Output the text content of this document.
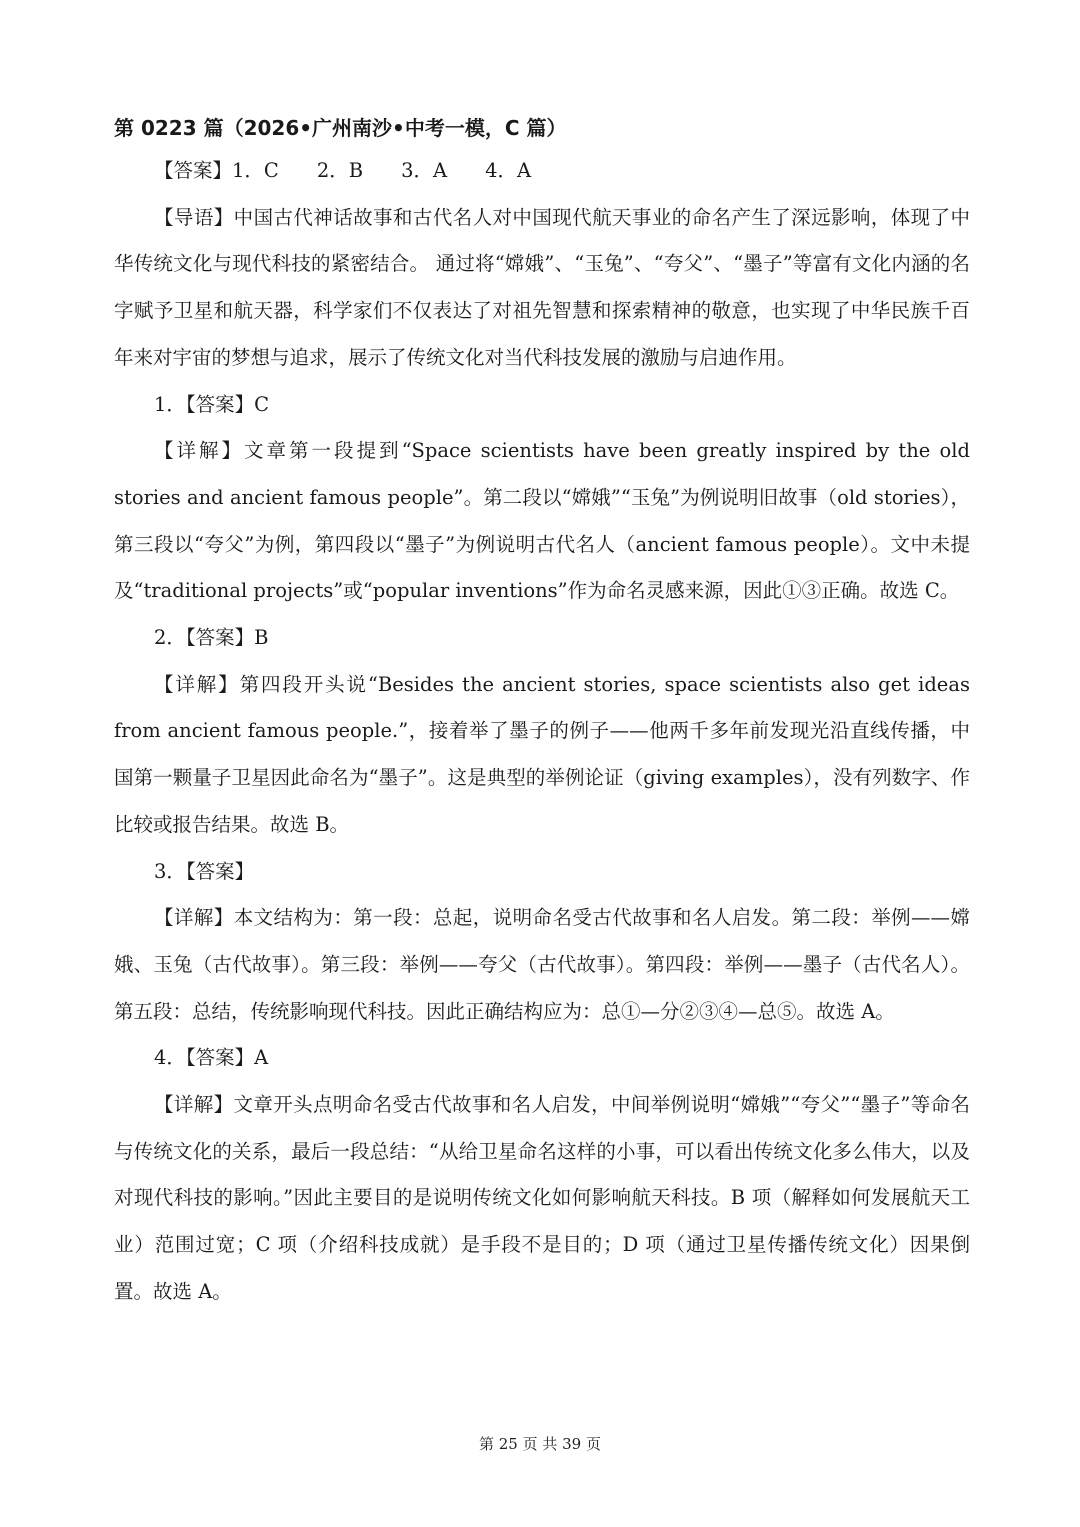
第 0223 篇（2026•广州南沙•中考一模，C 篇）

【答案】1．C 2．B 3．A 4．A

【导语】中国古代神话故事和古代名人对中国现代航天事业的命名产生了深远影响，体现了中华传统文化与现代科技的紧密结合。 通过将“嫦娥”、“玉兔”、“夸父”、“墨子”等富有文化内涵的名字赋予卫星和航天器，科学家们不仅表达了对祖先智慧和探索精神的敬意，也实现了中华民族千百年来对宇宙的梦想与追求，展示了传统文化对当代科技发展的激励与启迪作用。

1．【答案】C

【详解】文章第一段提到“Space scientists have been greatly inspired by the old stories and ancient famous people”。第二段以“嫦娥”“玉兔”为例说明旧故事（old stories），第三段以“夸父”为例，第四段以“墨子”为例说明古代名人（ancient famous people）。文中未提及“traditional projects”或“popular inventions”作为命名灵感来源，因此①③正确。故选 C。

2．【答案】B

【详解】第四段开头说“Besides the ancient stories, space scientists also get ideas from ancient famous people.”，接着举了墨子的例子——他两千多年前发现光沿直线传播，中国第一颗量子卫星因此命名为“墨子”。这是典型的举例论证（giving examples），没有列数字、作比较或报告结果。故选 B。

3．【答案】

【详解】本文结构为：第一段：总起，说明命名受古代故事和名人启发。第二段：举例——嫦娥、玉兔（古代故事）。第三段：举例——夸父（古代故事）。第四段：举例——墨子（古代名人）。第五段：总结，传统影响现代科技。因此正确结构应为：总①—分②③④—总⑤。故选 A。

4．【答案】A

【详解】文章开头点明命名受古代故事和名人启发，中间举例说明“嫦娥”“夸父”“墨子”等命名与传统文化的关系，最后一段总结：“从给卫星命名这样的小事，可以看出传统文化多么伟大，以及对现代科技的影响。”因此主要目的是说明传统文化如何影响航天科技。B 项（解释如何发展航天工业）范围过宽；C 项（介绍科技成就）是手段不是目的；D 项（通过卫星传播传统文化）因果倒置。故选 A。

第 25 页 共 39 页
